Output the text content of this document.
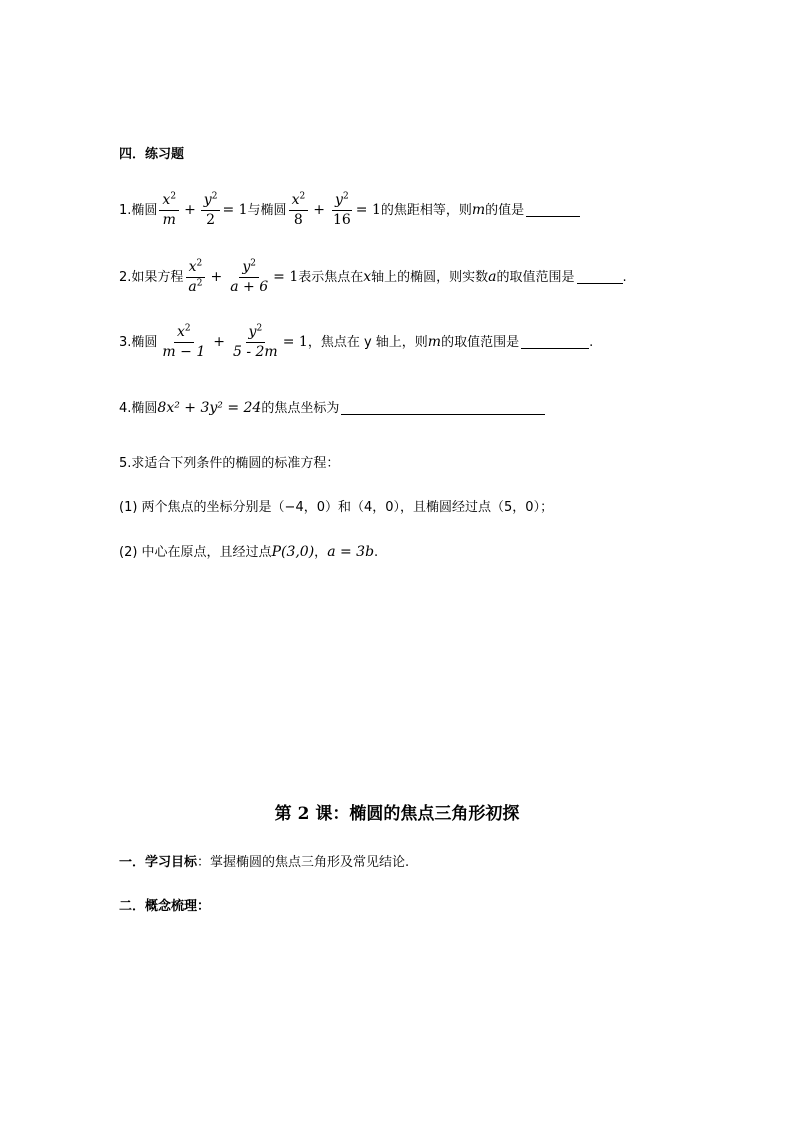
四．练习题
1. 椭圆 $\frac{x^2}{m} + \frac{y^2}{2} = 1$ 与椭圆 $\frac{x^2}{8} + \frac{y^2}{16} = 1$ 的焦距相等，则 m 的值是
2. 如果方程 $\frac{x^2}{a^2} + \frac{y^2}{a + 6} = 1$ 表示焦点在 x 轴上的椭圆，则实数 a 的取值范围是	.
3. 椭圆 $\frac{x^2}{m - 1} + \frac{y^2}{5 - 2m} = 1$ ，焦点在 y 轴上，则 m 的取值范围是	.
4. 椭圆 8x² + 3y² = 24 的焦点坐标为
5.求适合下列条件的椭圆的标准方程：
(1) 两个焦点的坐标分别是（−4，0）和（4，0），且椭圆经过点（5，0）；
(2) 中心在原点，且经过点 P(3,0) ， a = 3b .
第 2 课：椭圆的焦点三角形初探
一．学习目标：掌握椭圆的焦点三角形及常见结论.
二．概念梳理：
